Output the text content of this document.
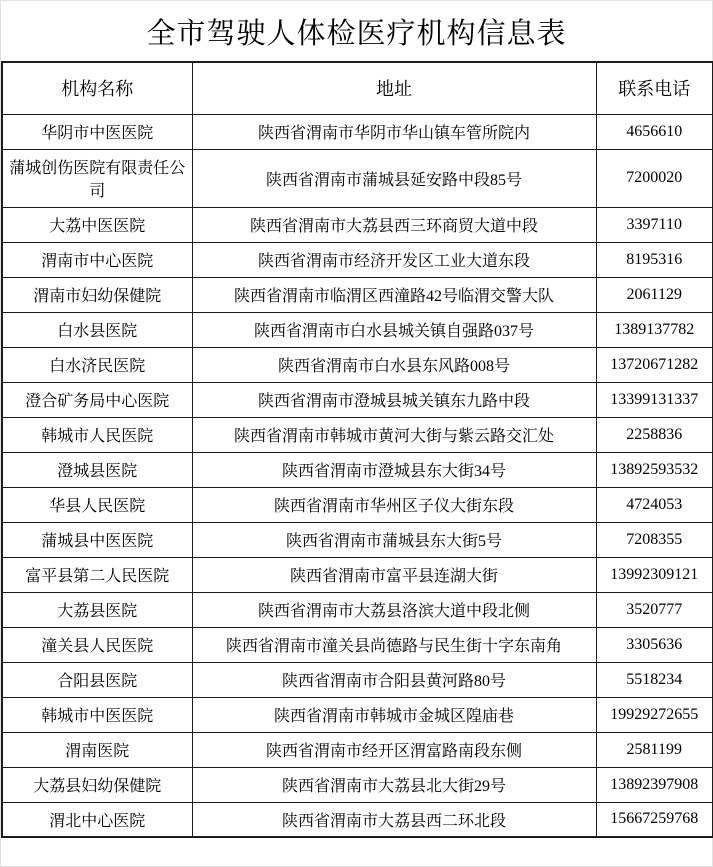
全市驾驶人体检医疗机构信息表
机构名称	地址	联系电话
华阴市中医医院	陕西省渭南市华阴市华山镇车管所院内	4656610
蒲城创伤医院有限责任公司	陕西省渭南市蒲城县延安路中段85号	7200020
大荔中医医院	陕西省渭南市大荔县西三环商贸大道中段	3397110
渭南市中心医院	陕西省渭南市经济开发区工业大道东段	8195316
渭南市妇幼保健院	陕西省渭南市临渭区西潼路42号临渭交警大队	2061129
白水县医院	陕西省渭南市白水县城关镇自强路037号	1389137782
白水济民医院	陕西省渭南市白水县东风路008号	13720671282
澄合矿务局中心医院	陕西省渭南市澄城县城关镇东九路中段	13399131337
韩城市人民医院	陕西省渭南市韩城市黄河大街与紫云路交汇处	2258836
澄城县医院	陕西省渭南市澄城县东大街34号	13892593532
华县人民医院	陕西省渭南市华州区子仪大街东段	4724053
蒲城县中医医院	陕西省渭南市蒲城县东大街5号	7208355
富平县第二人民医院	陕西省渭南市富平县连湖大街	13992309121
大荔县医院	陕西省渭南市大荔县洛滨大道中段北侧	3520777
潼关县人民医院	陕西省渭南市潼关县尚德路与民生街十字东南角	3305636
合阳县医院	陕西省渭南市合阳县黄河路80号	5518234
韩城市中医医院	陕西省渭南市韩城市金城区隍庙巷	19929272655
渭南医院	陕西省渭南市经开区渭富路南段东侧	2581199
大荔县妇幼保健院	陕西省渭南市大荔县北大街29号	13892397908
渭北中心医院	陕西省渭南市大荔县西二环北段	15667259768
